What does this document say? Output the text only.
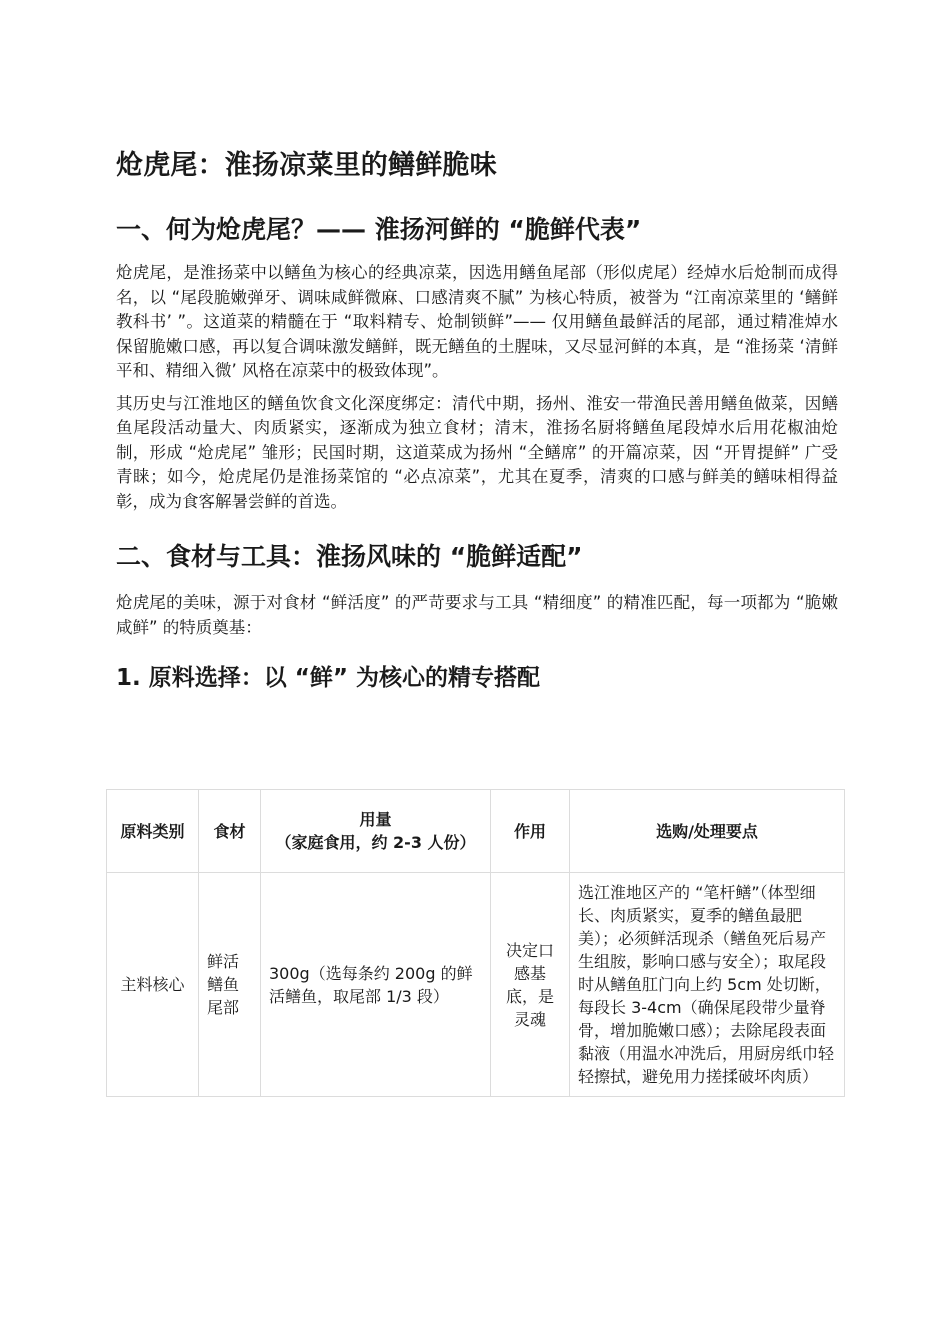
炝虎尾：淮扬凉菜里的鳝鲜脆味
一、何为炝虎尾？—— 淮扬河鲜的 “脆鲜代表”

炝虎尾，是淮扬菜中以鳝鱼为核心的经典凉菜，因选用鳝鱼尾部（形似虎尾）经焯水后炝制而成得名，以 “尾段脆嫩弹牙、调味咸鲜微麻、口感清爽不腻” 为核心特质，被誉为 “江南凉菜里的 ‘鳝鲜教科书’ ”。这道菜的精髓在于 “取料精专、炝制锁鲜”—— 仅用鳝鱼最鲜活的尾部，通过精准焯水保留脆嫩口感，再以复合调味激发鳝鲜，既无鳝鱼的土腥味，又尽显河鲜的本真，是 “淮扬菜 ‘清鲜平和、精细入微’ 风格在凉菜中的极致体现”。

其历史与江淮地区的鳝鱼饮食文化深度绑定：清代中期，扬州、淮安一带渔民善用鳝鱼做菜，因鳝鱼尾段活动量大、肉质紧实，逐渐成为独立食材；清末，淮扬名厨将鳝鱼尾段焯水后用花椒油炝制，形成 “炝虎尾” 雏形；民国时期，这道菜成为扬州 “全鳝席” 的开篇凉菜，因 “开胃提鲜” 广受青睐；如今，炝虎尾仍是淮扬菜馆的 “必点凉菜”，尤其在夏季，清爽的口感与鲜美的鳝味相得益彰，成为食客解暑尝鲜的首选。

二、食材与工具：淮扬风味的 “脆鲜适配”

炝虎尾的美味，源于对食材 “鲜活度” 的严苛要求与工具 “精细度” 的精准匹配，每一项都为 “脆嫩咸鲜” 的特质奠基：

1. 原料选择：以 “鲜” 为核心的精专搭配
原料类别	食材	用量
（家庭食用，约 2-3 人份）	作用	选购/处理要点
主料核心	鲜活鳝鱼尾部	300g（选每条约 200g 的鲜活鳝鱼，取尾部 1/3 段）	决定口感基底，是灵魂	选江淮地区产的 “笔杆鳝”（体型细长、肉质紧实，夏季的鳝鱼最肥美）；必须鲜活现杀（鳝鱼死后易产生组胺，影响口感与安全）；取尾段时从鳝鱼肛门向上约 5cm 处切断，每段长 3-4cm（确保尾段带少量脊骨，增加脆嫩口感）；去除尾段表面黏液（用温水冲洗后，用厨房纸巾轻轻擦拭，避免用力搓揉破坏肉质）
